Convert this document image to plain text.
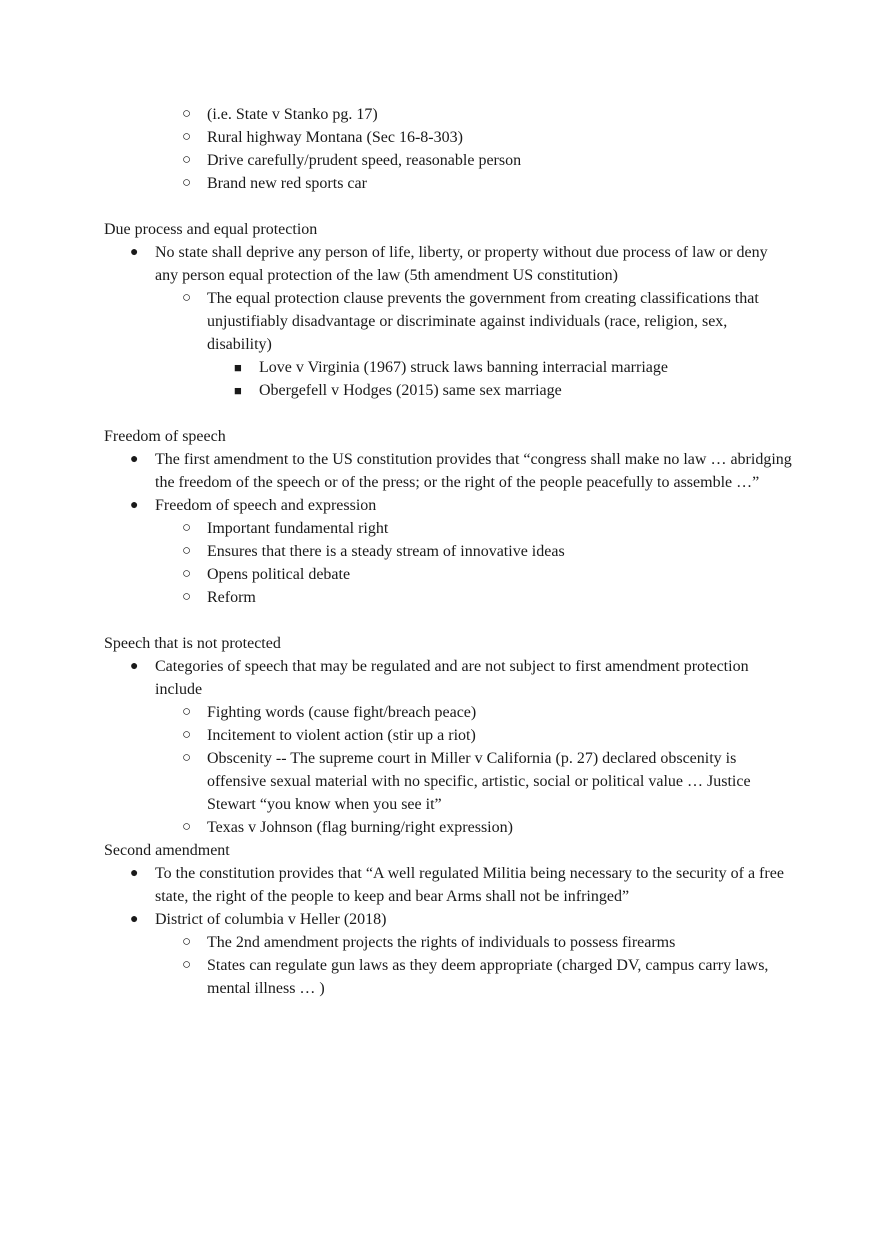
○ (i.e. State v Stanko pg. 17)
○ Rural highway Montana (Sec 16-8-303)
○ Drive carefully/prudent speed, reasonable person
○ Brand new red sports car

Due process and equal protection

● No state shall deprive any person of life, liberty, or property without due process of law or deny any person equal protection of the law (5th amendment US constitution)
○ The equal protection clause prevents the government from creating classifications that unjustifiably disadvantage or discriminate against individuals (race, religion, sex, disability)
■ Love v Virginia (1967) struck laws banning interracial marriage
■ Obergefell v Hodges (2015) same sex marriage

Freedom of speech

● The first amendment to the US constitution provides that “congress shall make no law … abridging the freedom of the speech or of the press; or the right of the people peacefully to assemble …”
● Freedom of speech and expression
○ Important fundamental right
○ Ensures that there is a steady stream of innovative ideas
○ Opens political debate
○ Reform

Speech that is not protected

● Categories of speech that may be regulated and are not subject to first amendment protection include
○ Fighting words (cause fight/breach peace)
○ Incitement to violent action (stir up a riot)
○ Obscenity -- The supreme court in Miller v California (p. 27) declared obscenity is offensive sexual material with no specific, artistic, social or political value … Justice Stewart “you know when you see it”
○ Texas v Johnson (flag burning/right expression)

Second amendment

● To the constitution provides that “A well regulated Militia being necessary to the security of a free state, the right of the people to keep and bear Arms shall not be infringed”
● District of columbia v Heller (2018)
○ The 2nd amendment projects the rights of individuals to possess firearms
○ States can regulate gun laws as they deem appropriate (charged DV, campus carry laws, mental illness … )
